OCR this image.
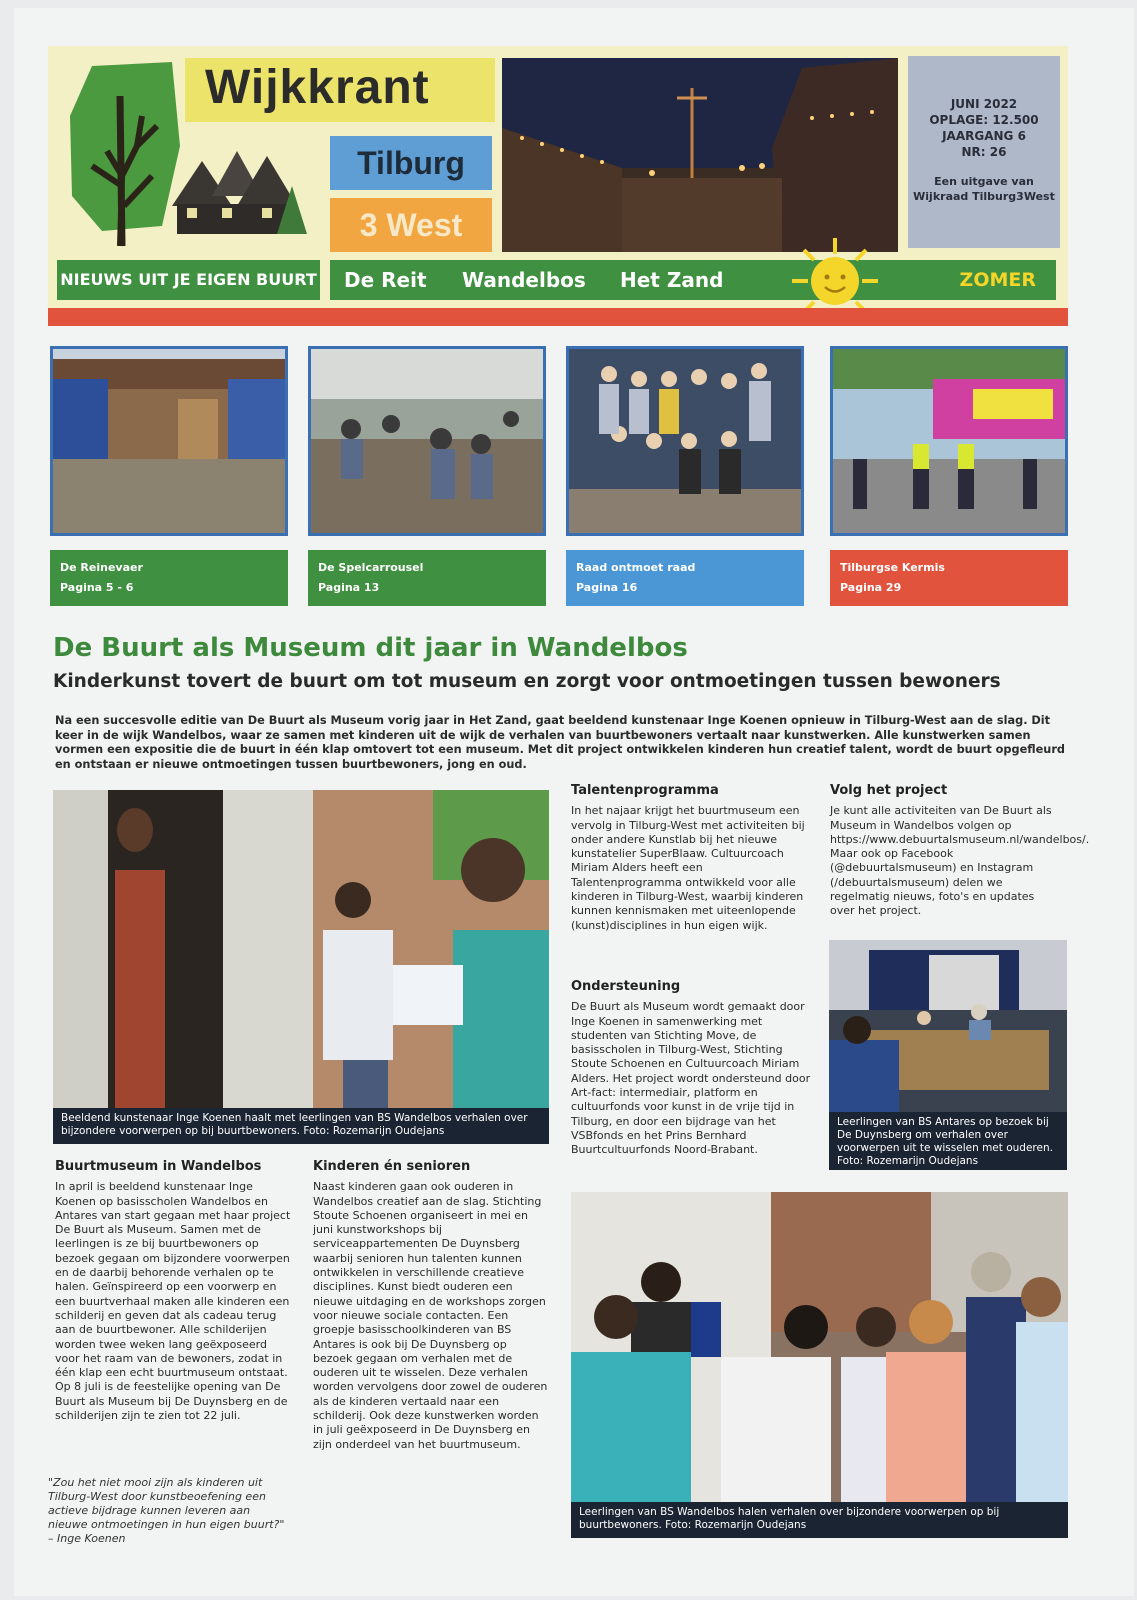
Wijkkrant
Tilburg
3 West
JUNI 2022
OPLAGE: 12.500
JAARGANG 6
NR: 26
Een uitgave van
Wijkraad Tilburg3West
NIEUWS UIT JE EIGEN BUURT De Reit Wandelbos Het Zand	ZOMER
De Reinevaer
Pagina 5 - 6
De Spelcarrousel
Pagina 13
Raad ontmoet raad
Pagina 16
Tilburgse Kermis
Pagina 29
De Buurt als Museum dit jaar in Wandelbos
Kinderkunst tovert de buurt om tot museum en zorgt voor ontmoetingen tussen bewoners
Na een succesvolle editie van De Buurt als Museum vorig jaar in Het Zand, gaat beeldend kunstenaar Inge Koenen opnieuw in Tilburg-West aan de slag. Dit keer in de wijk Wandelbos, waar ze samen met kinderen uit de wijk de verhalen van buurtbewoners vertaalt naar kunstwerken. Alle kunstwerken samen vormen een expositie die de buurt in één klap omtovert tot een museum. Met dit project ontwikkelen kinderen hun creatief talent, wordt de buurt opgefleurd en ontstaan er nieuwe ontmoetingen tussen buurtbewoners, jong en oud.
Beeldend kunstenaar Inge Koenen haalt met leerlingen van BS Wandelbos verhalen over bijzondere voorwerpen op bij buurtbewoners. Foto: Rozemarijn Oudejans
Talentenprogramma
In het najaar krijgt het buurtmuseum een vervolg in Tilburg-West met activiteiten bij onder andere Kunstlab bij het nieuwe kunstatelier SuperBlaaw. Cultuurcoach Miriam Alders heeft een Talentenprogramma ontwikkeld voor alle kinderen in Tilburg-West, waarbij kinderen kunnen kennismaken met uiteenlopende (kunst)disciplines in hun eigen wijk.
Volg het project
Je kunt alle activiteiten van De Buurt als Museum in Wandelbos volgen op https://www.debuurtalsmuseum.nl/wandelbos/. Maar ook op Facebook (@debuurtalsmuseum) en Instagram (/debuurtalsmuseum) delen we regelmatig nieuws, foto's en updates over het project.
Ondersteuning
De Buurt als Museum wordt gemaakt door Inge Koenen in samenwerking met studenten van Stichting Move, de basisscholen in Tilburg-West, Stichting Stoute Schoenen en Cultuurcoach Miriam Alders. Het project wordt ondersteund door Art-fact: intermediair, platform en cultuurfonds voor kunst in de vrije tijd in Tilburg, en door een bijdrage van het VSBfonds en het Prins Bernhard Buurtcultuurfonds Noord-Brabant.
Leerlingen van BS Antares op bezoek bij De Duynsberg om verhalen over voorwerpen uit te wisselen met ouderen. Foto: Rozemarijn Oudejans
Buurtmuseum in Wandelbos
In april is beeldend kunstenaar Inge Koenen op basisscholen Wandelbos en Antares van start gegaan met haar project De Buurt als Museum. Samen met de leerlingen is ze bij buurtbewoners op bezoek gegaan om bijzondere voorwerpen en de daarbij behorende verhalen op te halen. Geïnspireerd op een voorwerp en een buurtverhaal maken alle kinderen een schilderij en geven dat als cadeau terug aan de buurtbewoner. Alle schilderijen worden twee weken lang geëxposeerd voor het raam van de bewoners, zodat in één klap een echt buurtmuseum ontstaat. Op 8 juli is de feestelijke opening van De Buurt als Museum bij De Duynsberg en de schilderijen zijn te zien tot 22 juli.
Kinderen én senioren
Naast kinderen gaan ook ouderen in Wandelbos creatief aan de slag. Stichting Stoute Schoenen organiseert in mei en juni kunstworkshops bij serviceappartementen De Duynsberg waarbij senioren hun talenten kunnen ontwikkelen in verschillende creatieve disciplines. Kunst biedt ouderen een nieuwe uitdaging en de workshops zorgen voor nieuwe sociale contacten. Een groepje basisschoolkinderen van BS Antares is ook bij De Duynsberg op bezoek gegaan om verhalen met de ouderen uit te wisselen. Deze verhalen worden vervolgens door zowel de ouderen als de kinderen vertaald naar een schilderij. Ook deze kunstwerken worden in juli geëxposeerd in De Duynsberg en zijn onderdeel van het buurtmuseum.
"Zou het niet mooi zijn als kinderen uit Tilburg-West door kunstbeoefening een actieve bijdrage kunnen leveren aan nieuwe ontmoetingen in hun eigen buurt?" – Inge Koenen
Leerlingen van BS Wandelbos halen verhalen over bijzondere voorwerpen op bij buurtbewoners. Foto: Rozemarijn Oudejans
